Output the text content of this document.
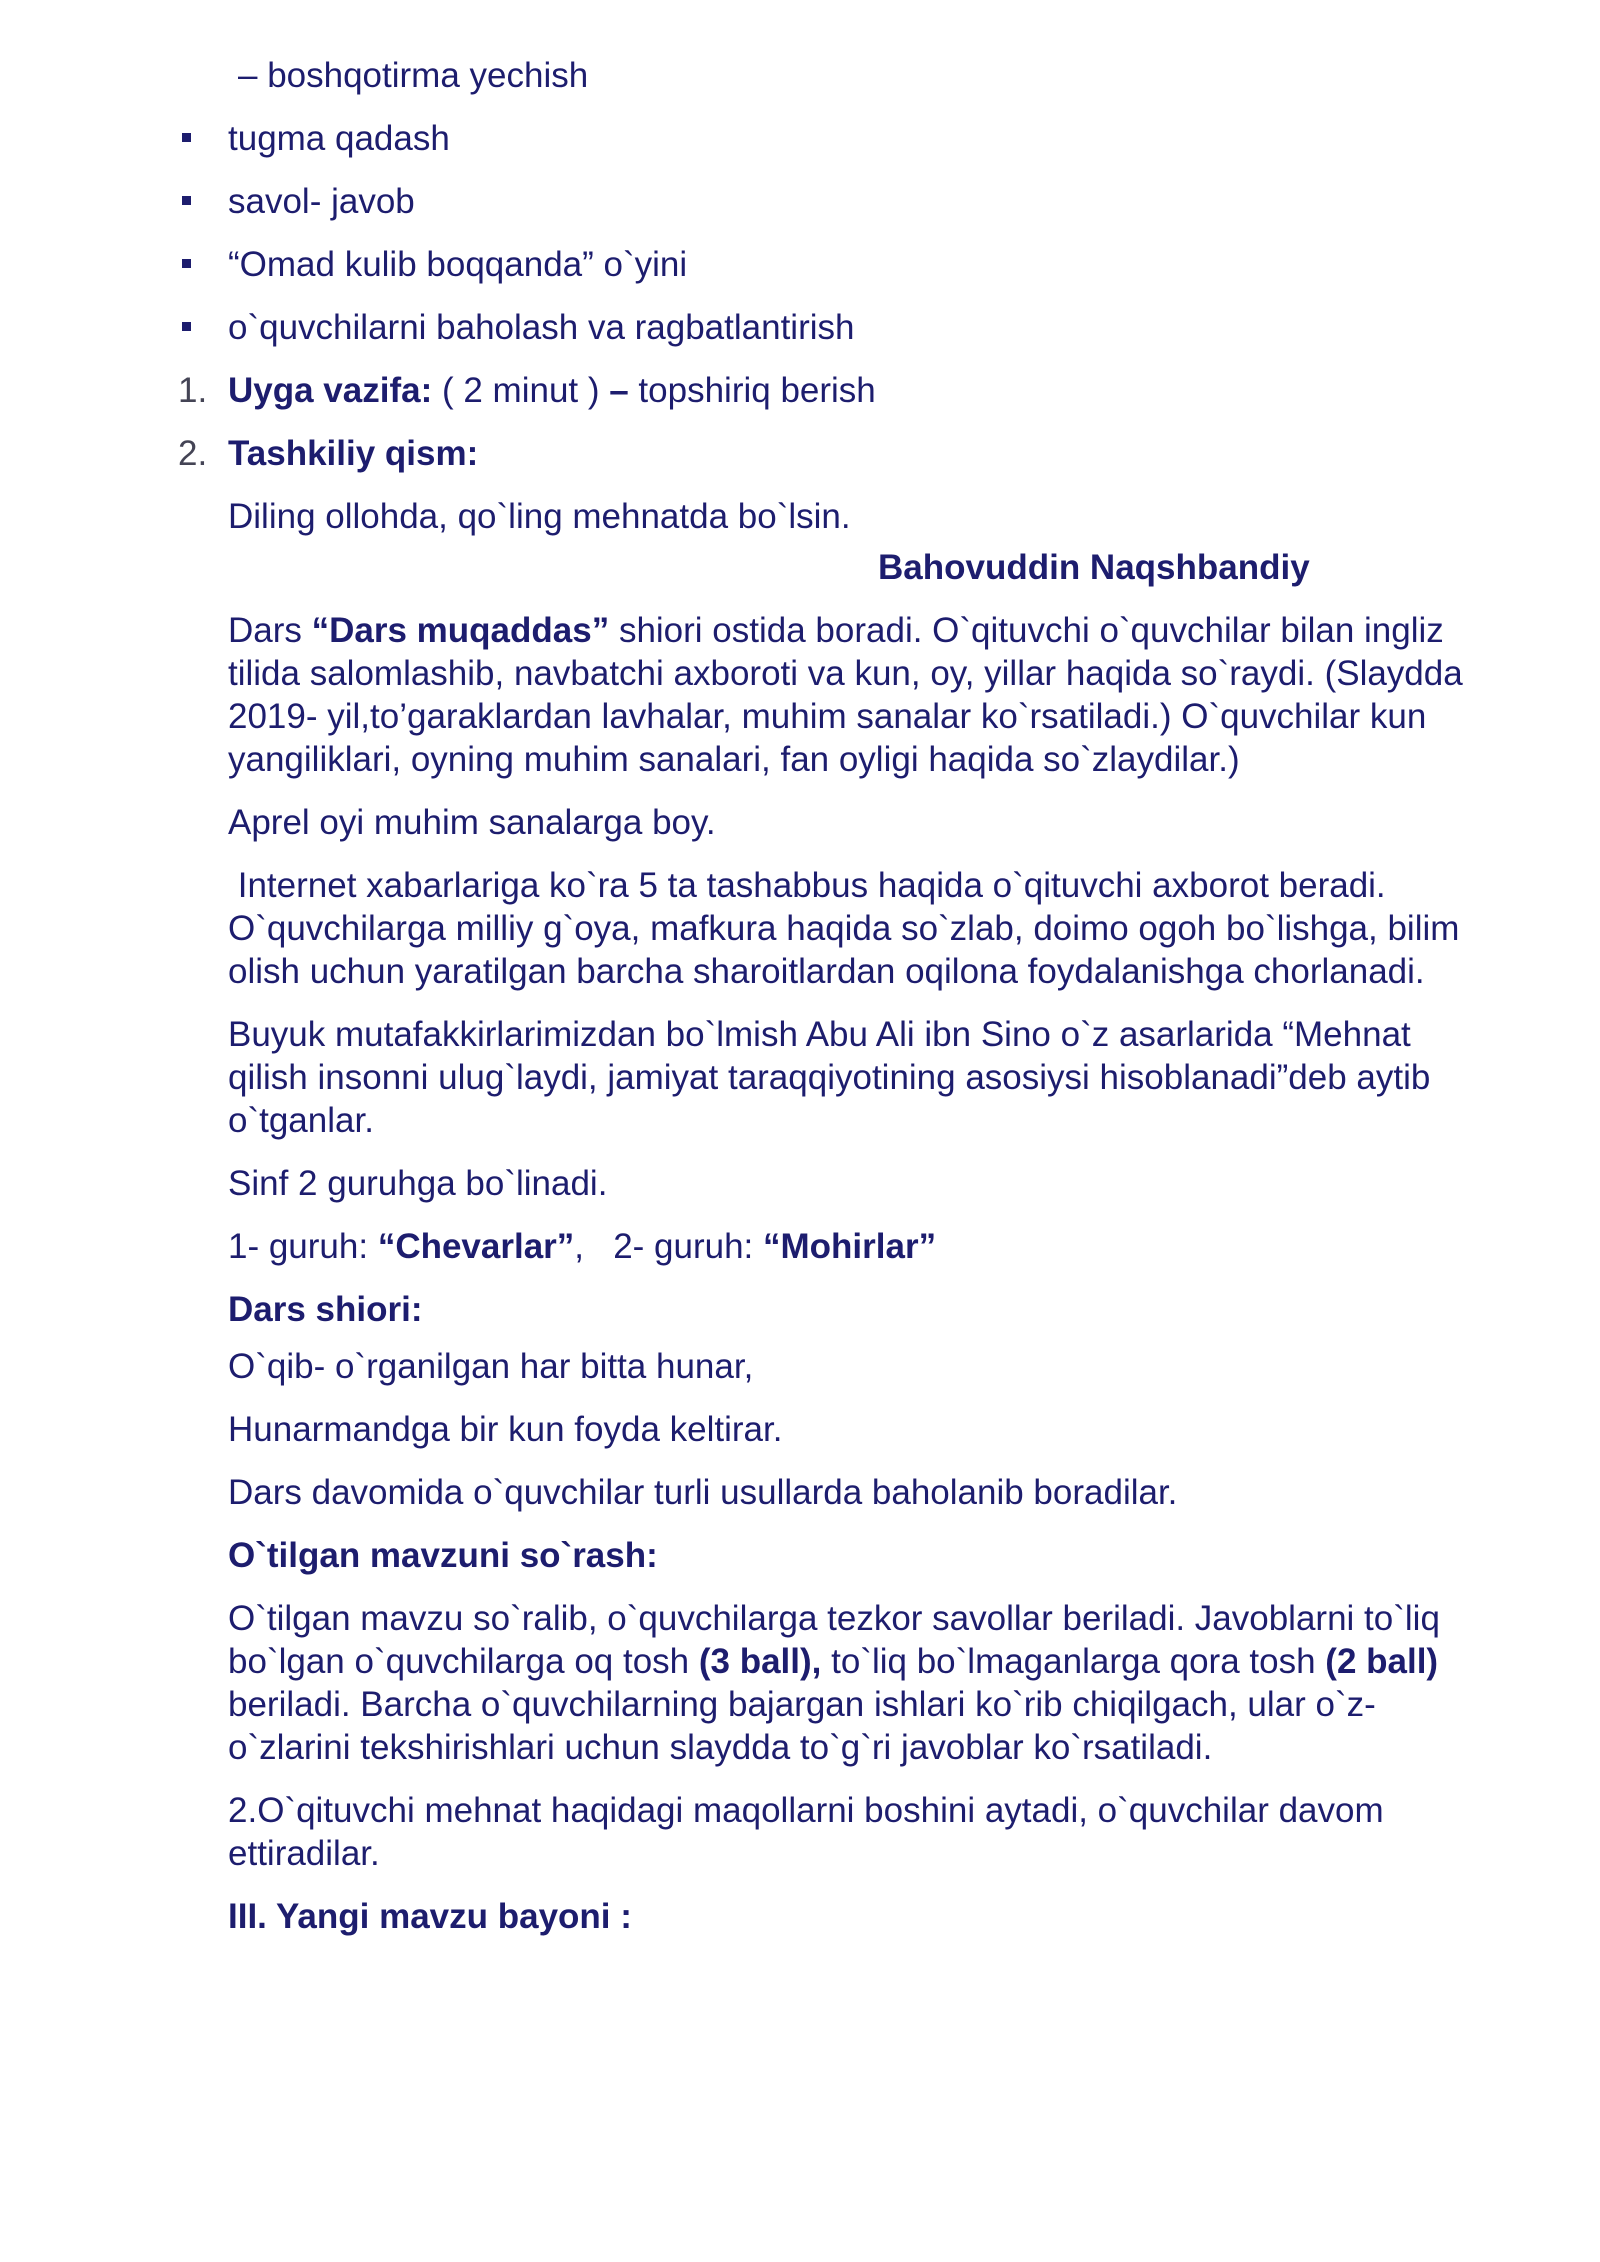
– boshqotirma yechish
tugma qadash
savol- javob
“Omad kulib boqqanda” o`yini
o`quvchilarni baholash va ragbatlantirish
1. Uyga vazifa: ( 2 minut ) – topshiriq berish
2. Tashkiliy qism:
Diling ollohda, qo`ling mehnatda bo`lsin.
Bahovuddin Naqshbandiy
Dars “Dars muqaddas” shiori ostida boradi. O`qituvchi o`quvchilar bilan ingliz tilida salomlashib, navbatchi axboroti va kun, oy, yillar haqida so`raydi. (Slaydda 2019- yil,to’garaklardan lavhalar, muhim sanalar ko`rsatiladi.) O`quvchilar kun yangiliklari, oyning muhim sanalari, fan oyligi haqida so`zlaydilar.)
Aprel oyi muhim sanalarga boy.
Internet xabarlariga ko`ra 5 ta tashabbus haqida o`qituvchi axborot beradi. O`quvchilarga milliy g`oya, mafkura haqida so`zlab, doimo ogoh bo`lishga, bilim olish uchun yaratilgan barcha sharoitlardan oqilona foydalanishga chorlanadi.
Buyuk mutafakkirlarimizdan bo`lmish Abu Ali ibn Sino o`z asarlarida “Mehnat qilish insonni ulug`laydi, jamiyat taraqqiyotining asosiysi hisoblanadi”deb aytib o`tganlar.
Sinf 2 guruhga bo`linadi.
1- guruh: “Chevarlar”,   2- guruh: “Mohirlar”
Dars shiori:
O`qib- o`rganilgan har bitta hunar,
Hunarmandga bir kun foyda keltirar.
Dars davomida o`quvchilar turli usullarda baholanib boradilar.
O`tilgan mavzuni so`rash:
O`tilgan mavzu so`ralib, o`quvchilarga tezkor savollar beriladi. Javoblarni to`liq bo`lgan o`quvchilarga oq tosh (3 ball), to`liq bo`lmaganlarga qora tosh (2 ball) beriladi. Barcha o`quvchilarning bajargan ishlari ko`rib chiqilgach, ular o`z- o`zlarini tekshirishlari uchun slaydda to`g`ri javoblar ko`rsatiladi.
2.O`qituvchi mehnat haqidagi maqollarni boshini aytadi, o`quvchilar davom ettiradilar.
III. Yangi mavzu bayoni :
